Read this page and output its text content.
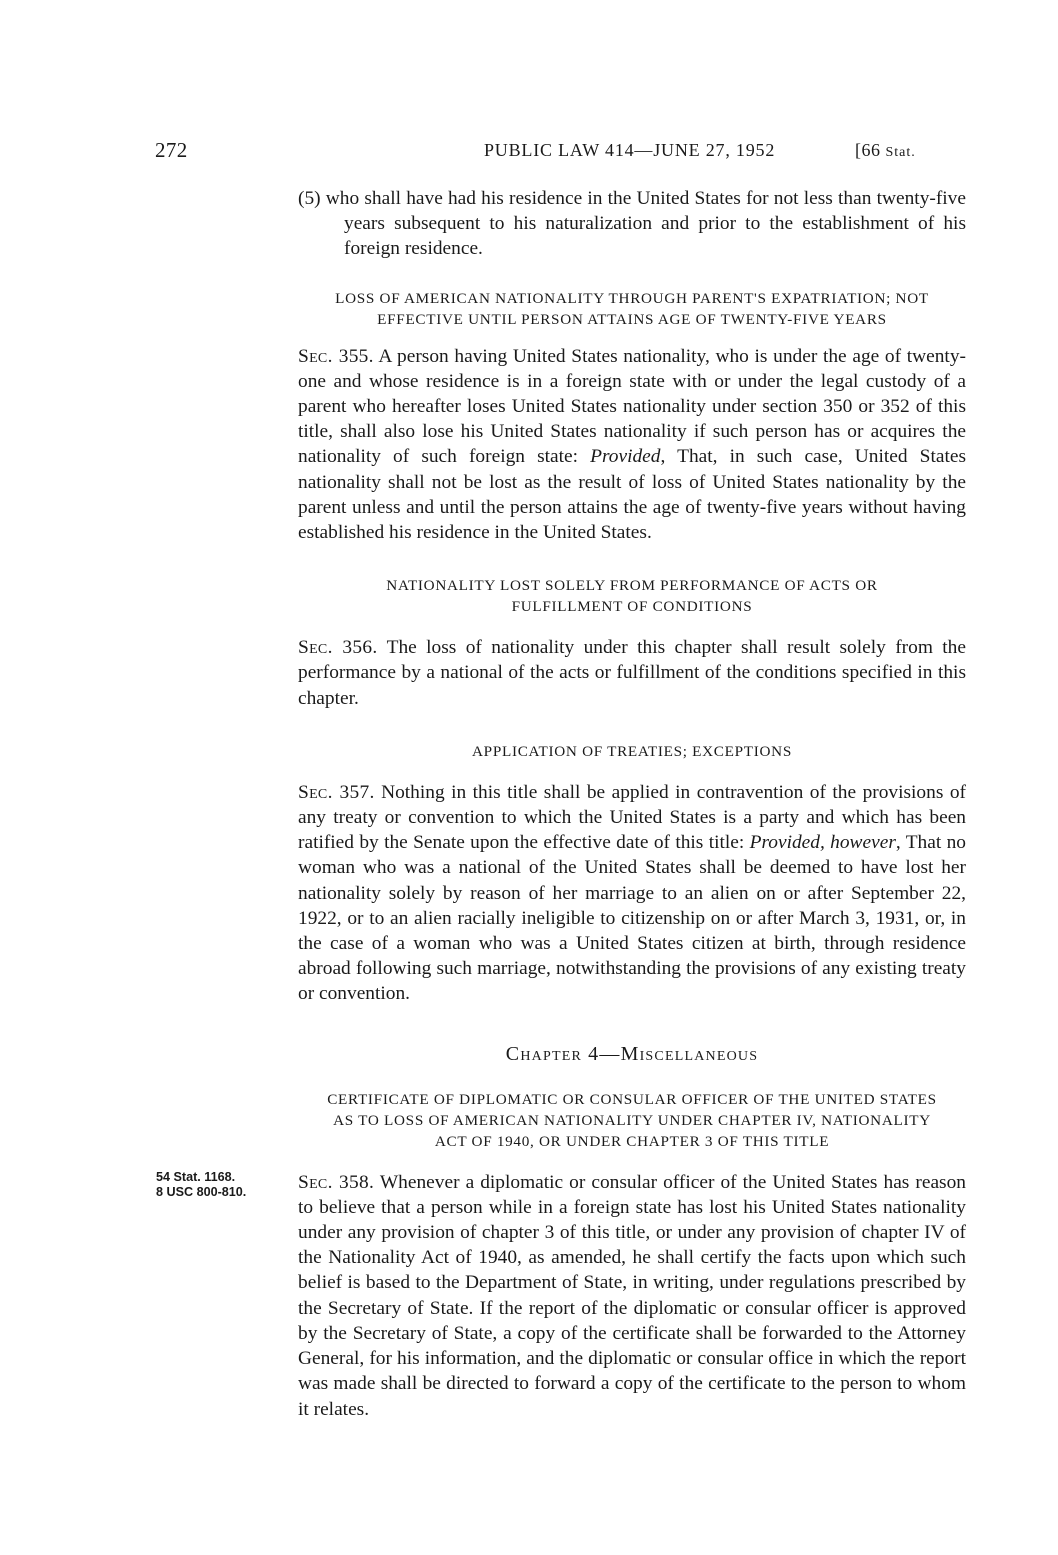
272	PUBLIC LAW 414—JUNE 27, 1952	[66 Stat.

(5) who shall have had his residence in the United States for not less than twenty-five years subsequent to his naturalization and prior to the establishment of his foreign residence.

LOSS OF AMERICAN NATIONALITY THROUGH PARENT'S EXPATRIATION; NOT
EFFECTIVE UNTIL PERSON ATTAINS AGE OF TWENTY-FIVE YEARS

Sec. 355. A person having United States nationality, who is under the age of twenty-one and whose residence is in a foreign state with or under the legal custody of a parent who hereafter loses United States nationality under section 350 or 352 of this title, shall also lose his United States nationality if such person has or acquires the nationality of such foreign state: Provided, That, in such case, United States nationality shall not be lost as the result of loss of United States nationality by the parent unless and until the person attains the age of twenty-five years without having established his residence in the United States.

NATIONALITY LOST SOLELY FROM PERFORMANCE OF ACTS OR
FULFILLMENT OF CONDITIONS

Sec. 356. The loss of nationality under this chapter shall result solely from the performance by a national of the acts or fulfillment of the conditions specified in this chapter.

APPLICATION OF TREATIES; EXCEPTIONS

Sec. 357. Nothing in this title shall be applied in contravention of the provisions of any treaty or convention to which the United States is a party and which has been ratified by the Senate upon the effective date of this title: Provided, however, That no woman who was a national of the United States shall be deemed to have lost her nationality solely by reason of her marriage to an alien on or after September 22, 1922, or to an alien racially ineligible to citizenship on or after March 3, 1931, or, in the case of a woman who was a United States citizen at birth, through residence abroad following such marriage, notwithstanding the provisions of any existing treaty or convention.

Chapter 4—Miscellaneous
CERTIFICATE OF DIPLOMATIC OR CONSULAR OFFICER OF THE UNITED STATES
AS TO LOSS OF AMERICAN NATIONALITY UNDER CHAPTER IV, NATIONALITY
ACT OF 1940, OR UNDER CHAPTER 3 OF THIS TITLE

Sec. 358. Whenever a diplomatic or consular officer of the United States has reason to believe that a person while in a foreign state has lost his United States nationality under any provision of chapter 3 of this title, or under any provision of chapter IV of the Nationality Act of 1940, as amended, he shall certify the facts upon which such belief is based to the Department of State, in writing, under regulations prescribed by the Secretary of State. If the report of the diplomatic or consular officer is approved by the Secretary of State, a copy of the certificate shall be forwarded to the Attorney General, for his information, and the diplomatic or consular office in which the report was made shall be directed to forward a copy of the certificate to the person to whom it relates.

54 Stat. 1168.
8 USC 800-810.
